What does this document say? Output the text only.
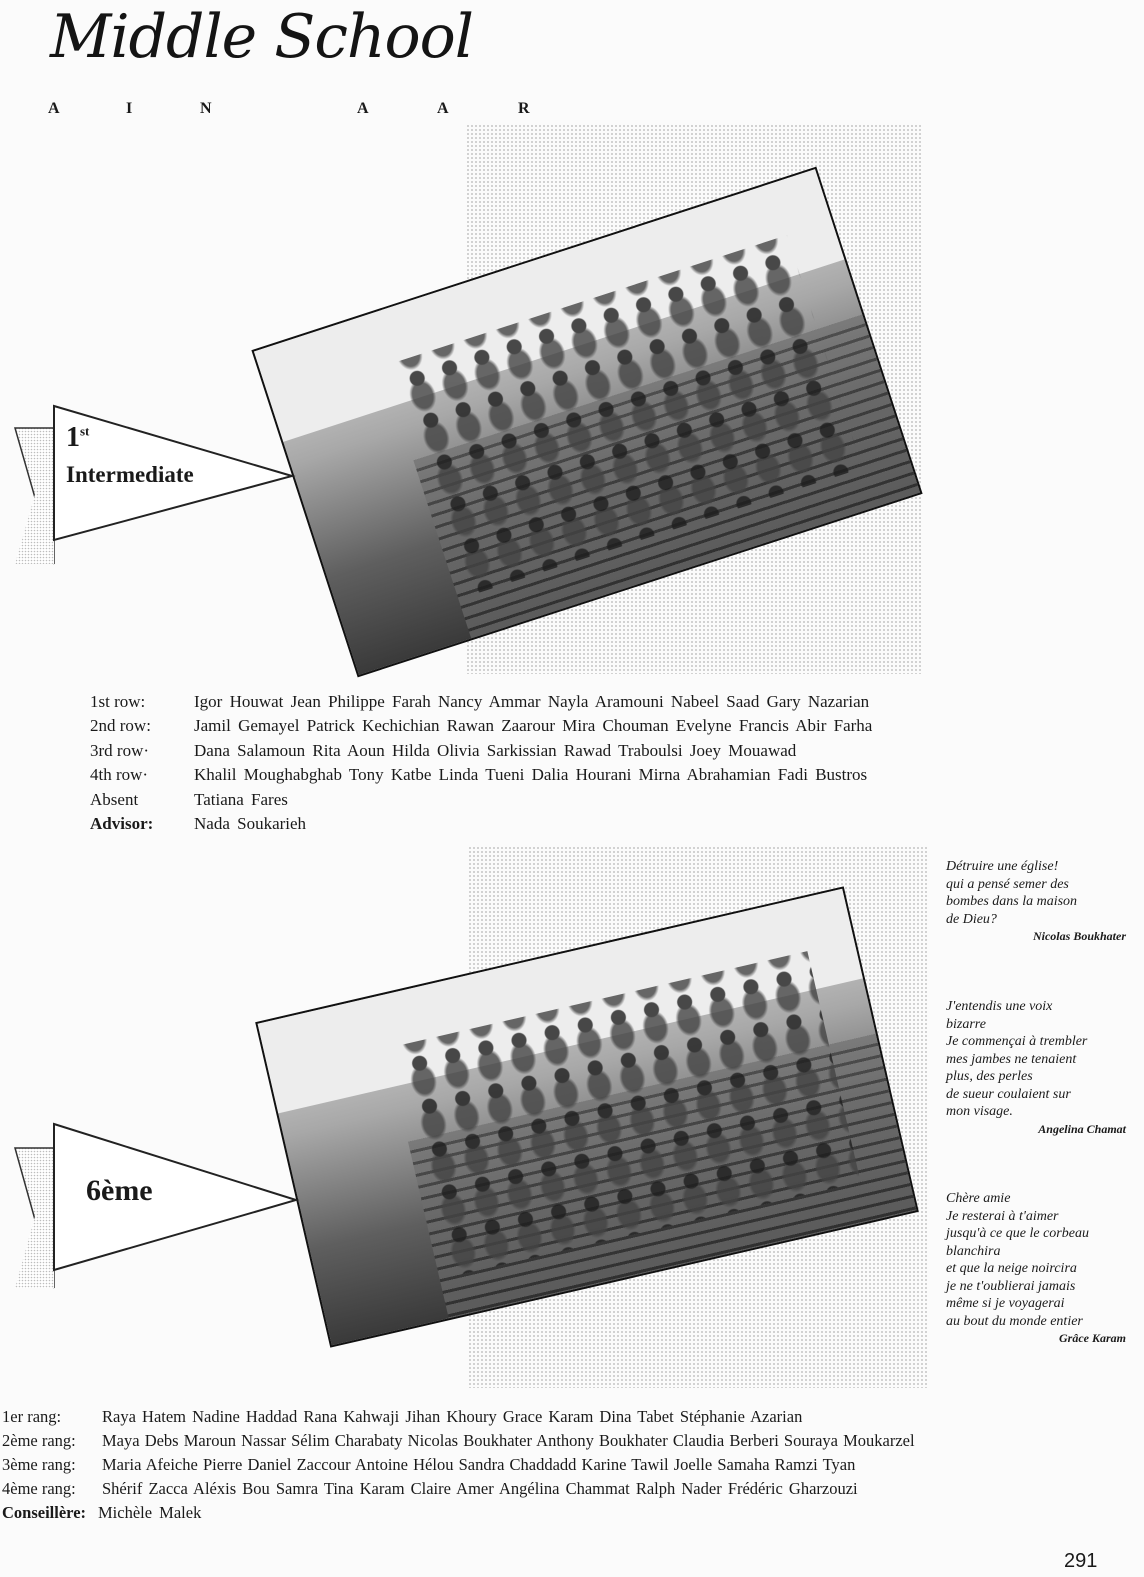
Middle School
A	I	N	A	A	R
1st
Intermediate
1st row:	Igor Houwat Jean Philippe Farah Nancy Ammar Nayla Aramouni Nabeel Saad Gary Nazarian
2nd row:	Jamil Gemayel Patrick Kechichian Rawan Zaarour Mira Chouman Evelyne Francis Abir Farha
3rd row·	Dana Salamoun Rita Aoun Hilda Olivia Sarkissian Rawad Traboulsi Joey Mouawad
4th row·	Khalil Moughabghab Tony Katbe Linda Tueni Dalia Hourani Mirna Abrahamian Fadi Bustros
Absent	Tatiana Fares
Advisor: Nada Soukarieh
6ème
Détruire une église!
qui a pensé semer des
bombes dans la maison
de Dieu?
Nicolas Boukhater
J'entendis une voix
bizarre
Je commençai à trembler
mes jambes ne tenaient
plus, des perles
de sueur coulaient sur
mon visage.
Angelina Chamat
Chère amie
Je resterai à t'aimer
jusqu'à ce que le corbeau
blanchira
et que la neige noircira
je ne t'oublierai jamais
même si je voyagerai
au bout du monde entier
Grâce Karam
1er rang: Raya Hatem Nadine Haddad Rana Kahwaji Jihan Khoury Grace Karam Dina Tabet Stéphanie Azarian
2ème rang: Maya Debs Maroun Nassar Sélim Charabaty Nicolas Boukhater Anthony Boukhater Claudia Berberi Souraya Moukarzel
3ème rang: Maria Afeiche Pierre Daniel Zaccour Antoine Hélou Sandra Chaddadd Karine Tawil Joelle Samaha Ramzi Tyan
4ème rang: Shérif Zacca Aléxis Bou Samra Tina Karam Claire Amer Angélina Chammat Ralph Nader Frédéric Gharzouzi
Conseillère: Michèle Malek
291
